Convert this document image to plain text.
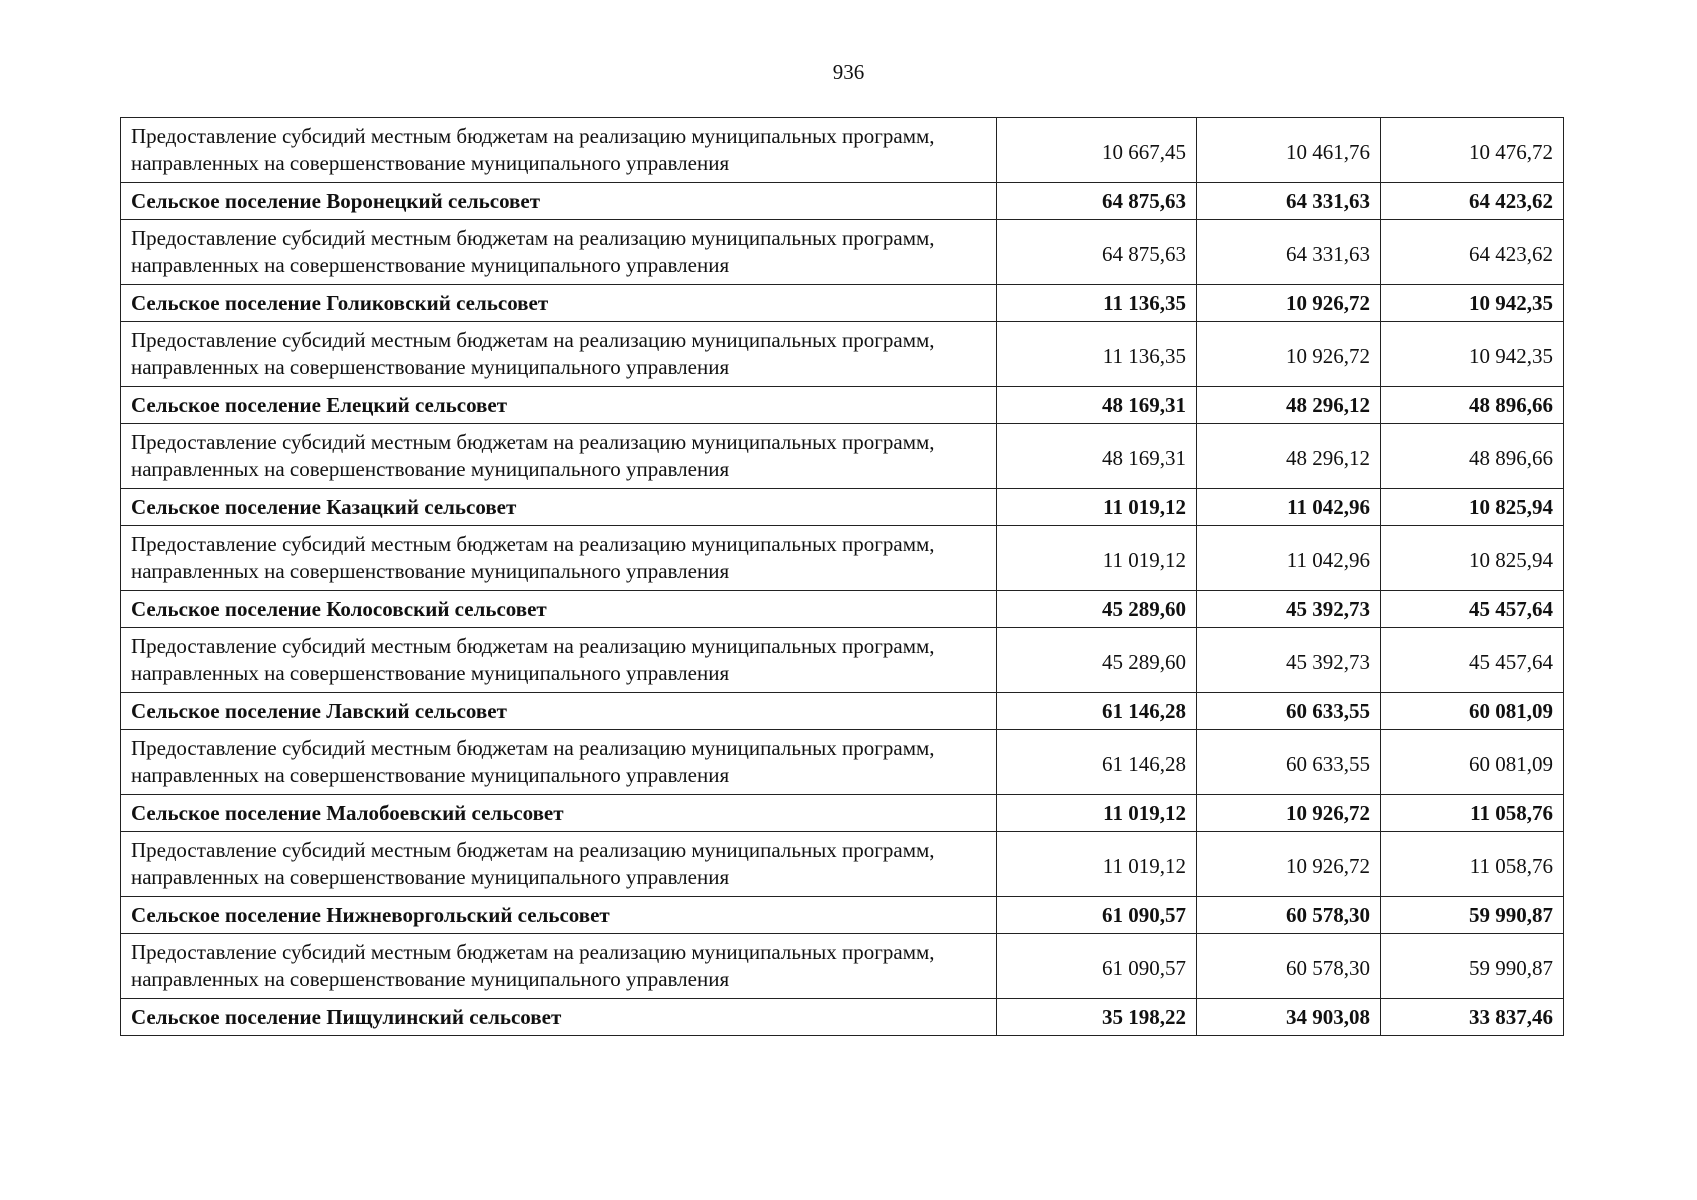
936
Предоставление субсидий местным бюджетам на реализацию муниципальных программ, направленных на совершенствование муниципального управления	10 667,45	10 461,76	10 476,72
Сельское поселение Воронецкий сельсовет	64 875,63	64 331,63	64 423,62
Предоставление субсидий местным бюджетам на реализацию муниципальных программ, направленных на совершенствование муниципального управления	64 875,63	64 331,63	64 423,62
Сельское поселение Голиковский сельсовет	11 136,35	10 926,72	10 942,35
Предоставление субсидий местным бюджетам на реализацию муниципальных программ, направленных на совершенствование муниципального управления	11 136,35	10 926,72	10 942,35
Сельское поселение Елецкий сельсовет	48 169,31	48 296,12	48 896,66
Предоставление субсидий местным бюджетам на реализацию муниципальных программ, направленных на совершенствование муниципального управления	48 169,31	48 296,12	48 896,66
Сельское поселение Казацкий сельсовет	11 019,12	11 042,96	10 825,94
Предоставление субсидий местным бюджетам на реализацию муниципальных программ, направленных на совершенствование муниципального управления	11 019,12	11 042,96	10 825,94
Сельское поселение Колосовский сельсовет	45 289,60	45 392,73	45 457,64
Предоставление субсидий местным бюджетам на реализацию муниципальных программ, направленных на совершенствование муниципального управления	45 289,60	45 392,73	45 457,64
Сельское поселение Лавский сельсовет	61 146,28	60 633,55	60 081,09
Предоставление субсидий местным бюджетам на реализацию муниципальных программ, направленных на совершенствование муниципального управления	61 146,28	60 633,55	60 081,09
Сельское поселение Малобоевский сельсовет	11 019,12	10 926,72	11 058,76
Предоставление субсидий местным бюджетам на реализацию муниципальных программ, направленных на совершенствование муниципального управления	11 019,12	10 926,72	11 058,76
Сельское поселение Нижневоргольский сельсовет	61 090,57	60 578,30	59 990,87
Предоставление субсидий местным бюджетам на реализацию муниципальных программ, направленных на совершенствование муниципального управления	61 090,57	60 578,30	59 990,87
Сельское поселение Пищулинский сельсовет	35 198,22	34 903,08	33 837,46
